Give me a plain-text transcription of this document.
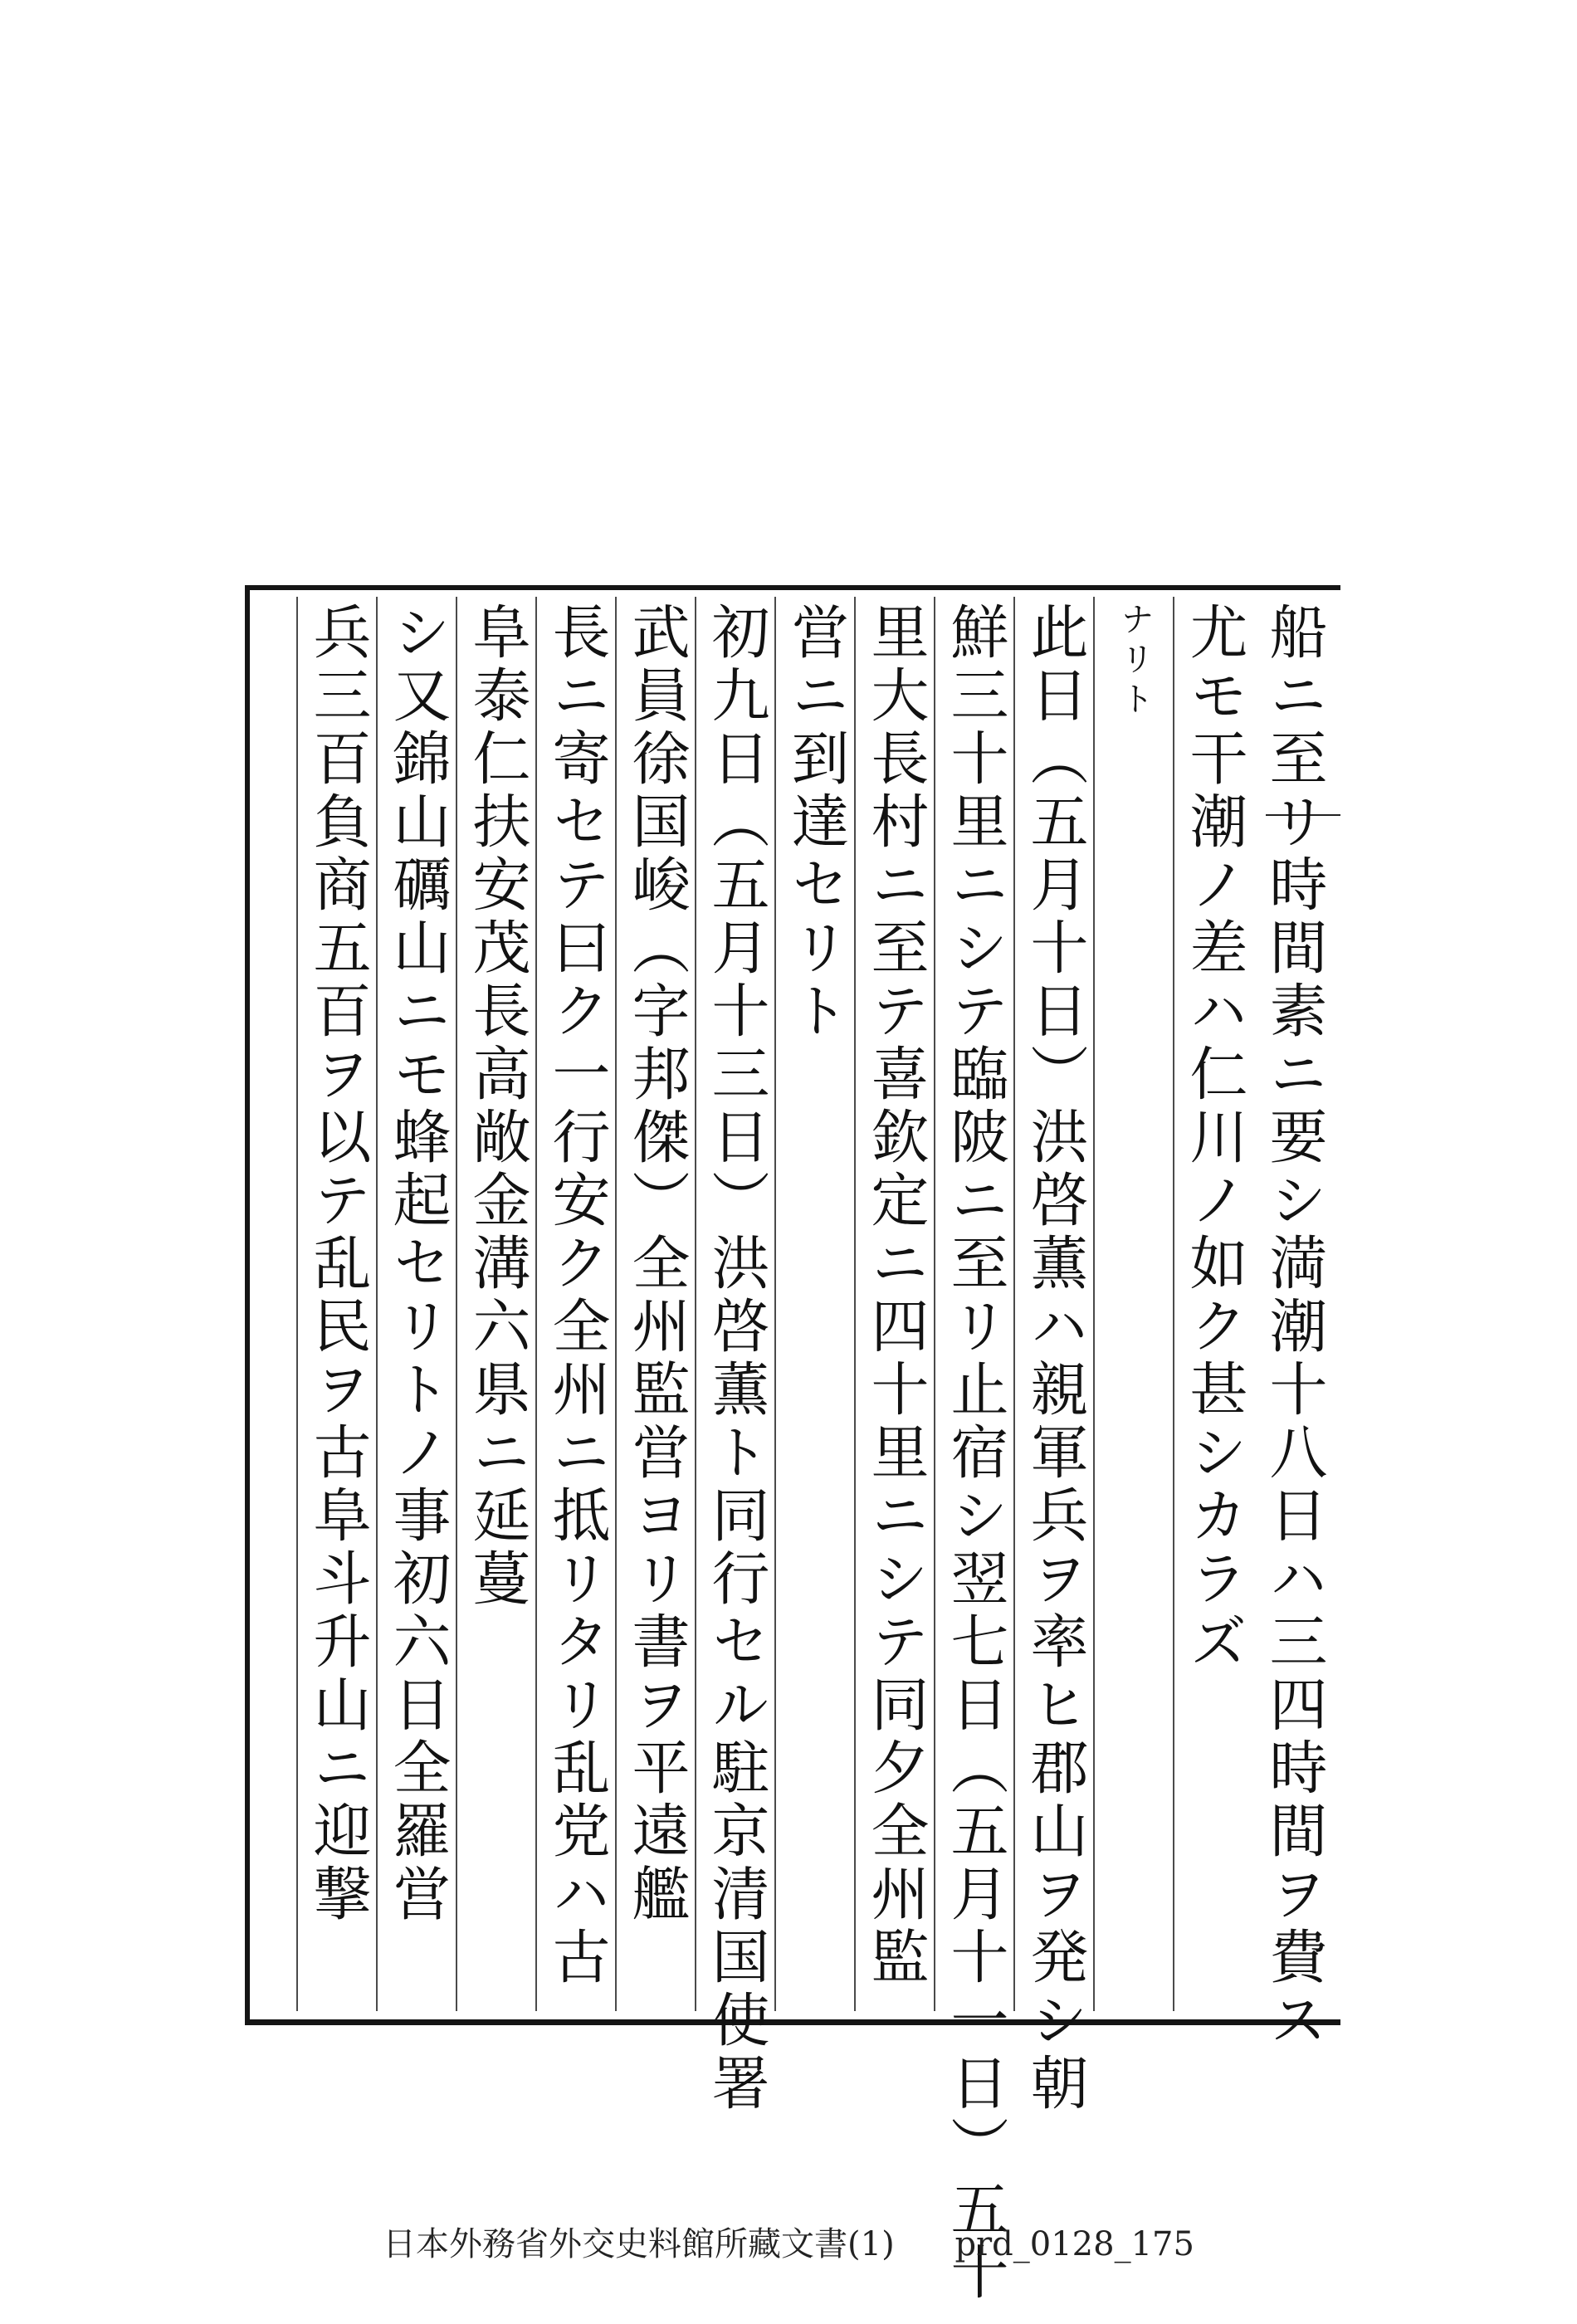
船ニ至リ時間素ニ要シ満潮十八日ハ三四時間ヲ費ス
尤モ干潮ノ差ハ仁川ノ如ク甚シカラズ
ナリト
此日（五月十日）洪啓薫ハ親軍兵ヲ率ヒ郡山ヲ発シ朝
鮮三十里ニシテ臨陂ニ至リ止宿シ翌七日（五月十一日）五十
里大長村ニ至テ喜欽定ニ四十里ニシテ同夕全州監
営ニ到達セリト
初九日（五月十三日）洪啓薫ト同行セル駐京清国使署
武員徐国峻（字邦傑）全州監営ヨリ書ヲ平遠艦
長ニ寄セテ曰ク一行安ク全州ニ抵リタリ乱党ハ古
阜泰仁扶安茂長高敞金溝六県ニ延蔓
シ又錦山礪山ニモ蜂起セリトノ事初六日全羅営
兵三百負商五百ヲ以テ乱民ヲ古阜斗升山ニ迎撃
日本外務省外交史料館所藏文書(1) prd_0128_175
